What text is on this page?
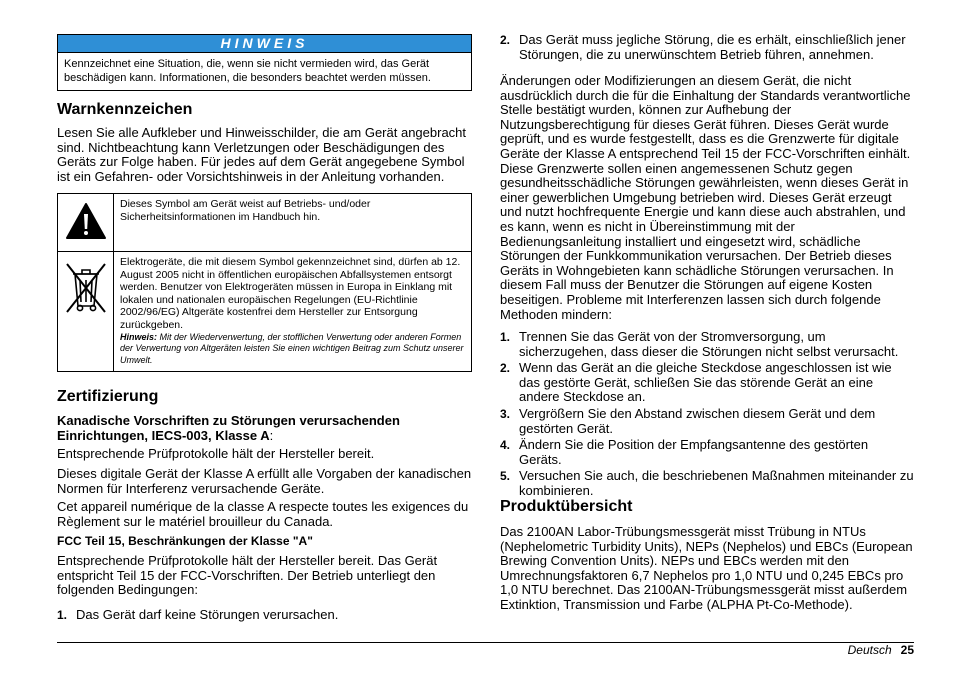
HINWEIS
Kennzeichnet eine Situation, die, wenn sie nicht vermieden wird, das Gerät beschädigen kann. Informationen, die besonders beachtet werden müssen.
Warnkennzeichen

Lesen Sie alle Aufkleber und Hinweisschilder, die am Gerät angebracht sind. Nichtbeachtung kann Verletzungen oder Beschädigungen des Geräts zur Folge haben. Für jedes auf dem Gerät angegebene Symbol ist ein Gefahren- oder Vorsichtshinweis in der Anleitung vorhanden.

Dieses Symbol am Gerät weist auf Betriebs- und/oder Sicherheitsinformationen im Handbuch hin.
Elektrogeräte, die mit diesem Symbol gekennzeichnet sind, dürfen ab 12. August 2005 nicht in öffentlichen europäischen Abfallsystemen entsorgt werden. Benutzer von Elektrogeräten müssen in Europa in Einklang mit lokalen und nationalen europäischen Regelungen (EU-Richtlinie 2002/96/EG) Altgeräte kostenfrei dem Hersteller zur Entsorgung zurückgeben.
Hinweis: Mit der Wiederverwertung, der stofflichen Verwertung oder anderen Formen der Verwertung von Altgeräten leisten Sie einen wichtigen Beitrag zum Schutz unserer Umwelt.
Zertifizierung

Kanadische Vorschriften zu Störungen verursachenden Einrichtungen, IECS-003, Klasse A:

Entsprechende Prüfprotokolle hält der Hersteller bereit.

Dieses digitale Gerät der Klasse A erfüllt alle Vorgaben der kanadischen Normen für Interferenz verursachende Geräte.

Cet appareil numérique de la classe A respecte toutes les exigences du Règlement sur le matériel brouilleur du Canada.

FCC Teil 15, Beschränkungen der Klasse "A"

Entsprechende Prüfprotokolle hält der Hersteller bereit. Das Gerät entspricht Teil 15 der FCC-Vorschriften. Der Betrieb unterliegt den folgenden Bedingungen:

1. Das Gerät darf keine Störungen verursachen.
2. Das Gerät muss jegliche Störung, die es erhält, einschließlich jener Störungen, die zu unerwünschtem Betrieb führen, annehmen.

Änderungen oder Modifizierungen an diesem Gerät, die nicht ausdrücklich durch die für die Einhaltung der Standards verantwortliche Stelle bestätigt wurden, können zur Aufhebung der Nutzungsberechtigung für dieses Gerät führen. Dieses Gerät wurde geprüft, und es wurde festgestellt, dass es die Grenzwerte für digitale Geräte der Klasse A entsprechend Teil 15 der FCC-Vorschriften einhält. Diese Grenzwerte sollen einen angemessenen Schutz gegen gesundheitsschädliche Störungen gewährleisten, wenn dieses Gerät in einer gewerblichen Umgebung betrieben wird. Dieses Gerät erzeugt und nutzt hochfrequente Energie und kann diese auch abstrahlen, und es kann, wenn es nicht in Übereinstimmung mit der Bedienungsanleitung installiert und eingesetzt wird, schädliche Störungen der Funkkommunikation verursachen. Der Betrieb dieses Geräts in Wohngebieten kann schädliche Störungen verursachen. In diesem Fall muss der Benutzer die Störungen auf eigene Kosten beseitigen. Probleme mit Interferenzen lassen sich durch folgende Methoden mindern:

1. Trennen Sie das Gerät von der Stromversorgung, um sicherzugehen, dass dieser die Störungen nicht selbst verursacht.
2. Wenn das Gerät an die gleiche Steckdose angeschlossen ist wie das gestörte Gerät, schließen Sie das störende Gerät an eine andere Steckdose an.
3. Vergrößern Sie den Abstand zwischen diesem Gerät und dem gestörten Gerät.
4. Ändern Sie die Position der Empfangsantenne des gestörten Geräts.
5. Versuchen Sie auch, die beschriebenen Maßnahmen miteinander zu kombinieren.
Produktübersicht

Das 2100AN Labor-Trübungsmessgerät misst Trübung in NTUs (Nephelometric Turbidity Units), NEPs (Nephelos) und EBCs (European Brewing Convention Units). NEPs und EBCs werden mit den Umrechnungsfaktoren 6,7 Nephelos pro 1,0 NTU und 0,245 EBCs pro 1,0 NTU berechnet. Das 2100AN-Trübungsmessgerät misst außerdem Extinktion, Transmission und Farbe (ALPHA Pt-Co-Methode).

Deutsch 25
